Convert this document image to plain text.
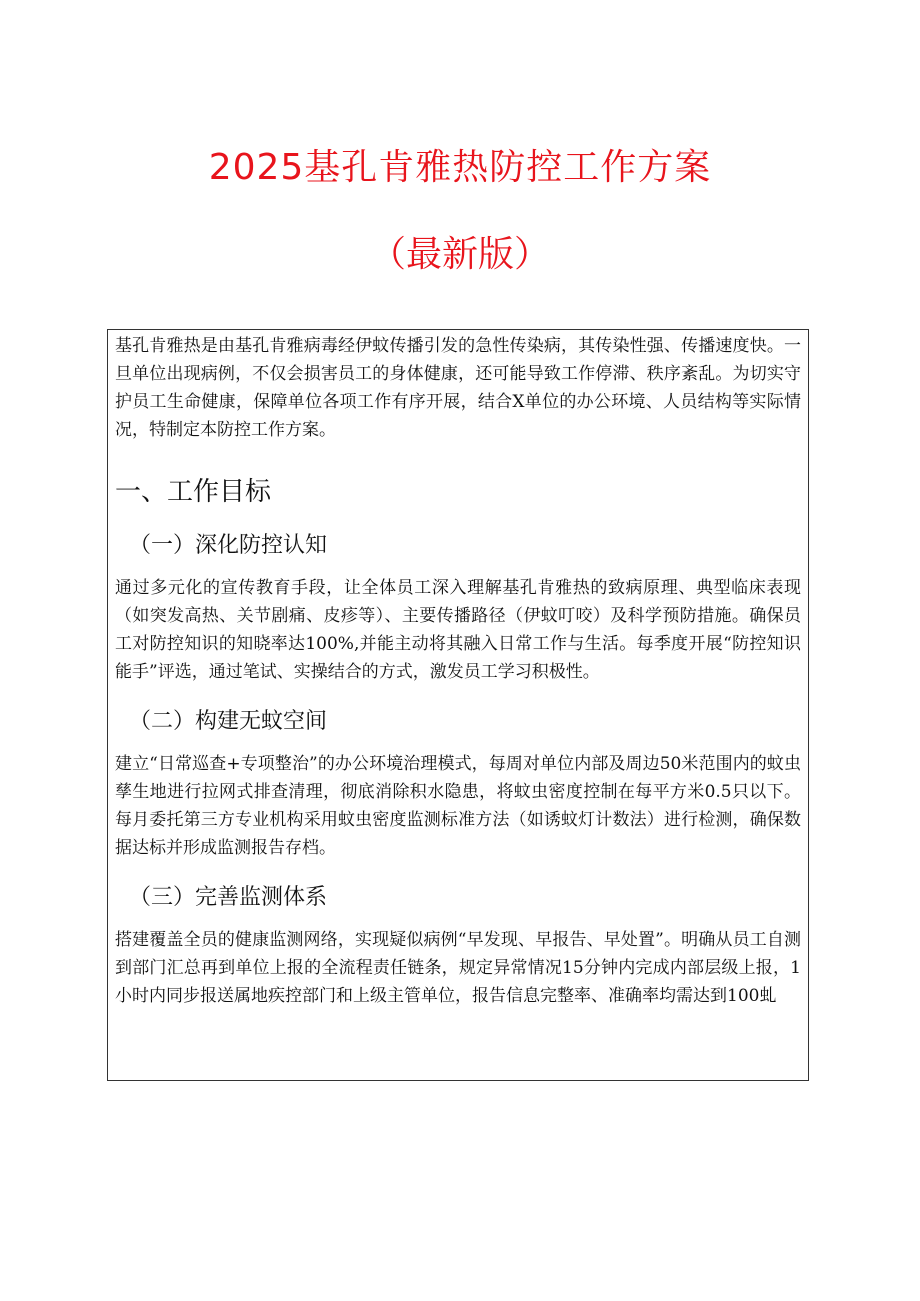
2025基孔肯雅热防控工作方案
（最新版）

基孔肯雅热是由基孔肯雅病毒经伊蚊传播引发的急性传染病，其传染性强、传播速度快。一旦单位出现病例，不仅会损害员工的身体健康，还可能导致工作停滞、秩序紊乱。为切实守护员工生命健康，保障单位各项工作有序开展，结合X单位的办公环境、人员结构等实际情况，特制定本防控工作方案。

一、工作目标
（一）深化防控认知

通过多元化的宣传教育手段，让全体员工深入理解基孔肯雅热的致病原理、典型临床表现（如突发高热、关节剧痛、皮疹等）、主要传播路径（伊蚊叮咬）及科学预防措施。确保员工对防控知识的知晓率达100%,并能主动将其融入日常工作与生活。每季度开展“防控知识能手”评选，通过笔试、实操结合的方式，激发员工学习积极性。

（二）构建无蚊空间

建立“日常巡查+专项整治”的办公环境治理模式，每周对单位内部及周边50米范围内的蚊虫孳生地进行拉网式排查清理，彻底消除积水隐患，将蚊虫密度控制在每平方米0.5只以下。每月委托第三方专业机构采用蚊虫密度监测标准方法（如诱蚊灯计数法）进行检测，确保数据达标并形成监测报告存档。

（三）完善监测体系

搭建覆盖全员的健康监测网络，实现疑似病例“早发现、早报告、早处置”。明确从员工自测到部门汇总再到单位上报的全流程责任链条，规定异常情况15分钟内完成内部层级上报，1小时内同步报送属地疾控部门和上级主管单位，报告信息完整率、准确率均需达到100虬
